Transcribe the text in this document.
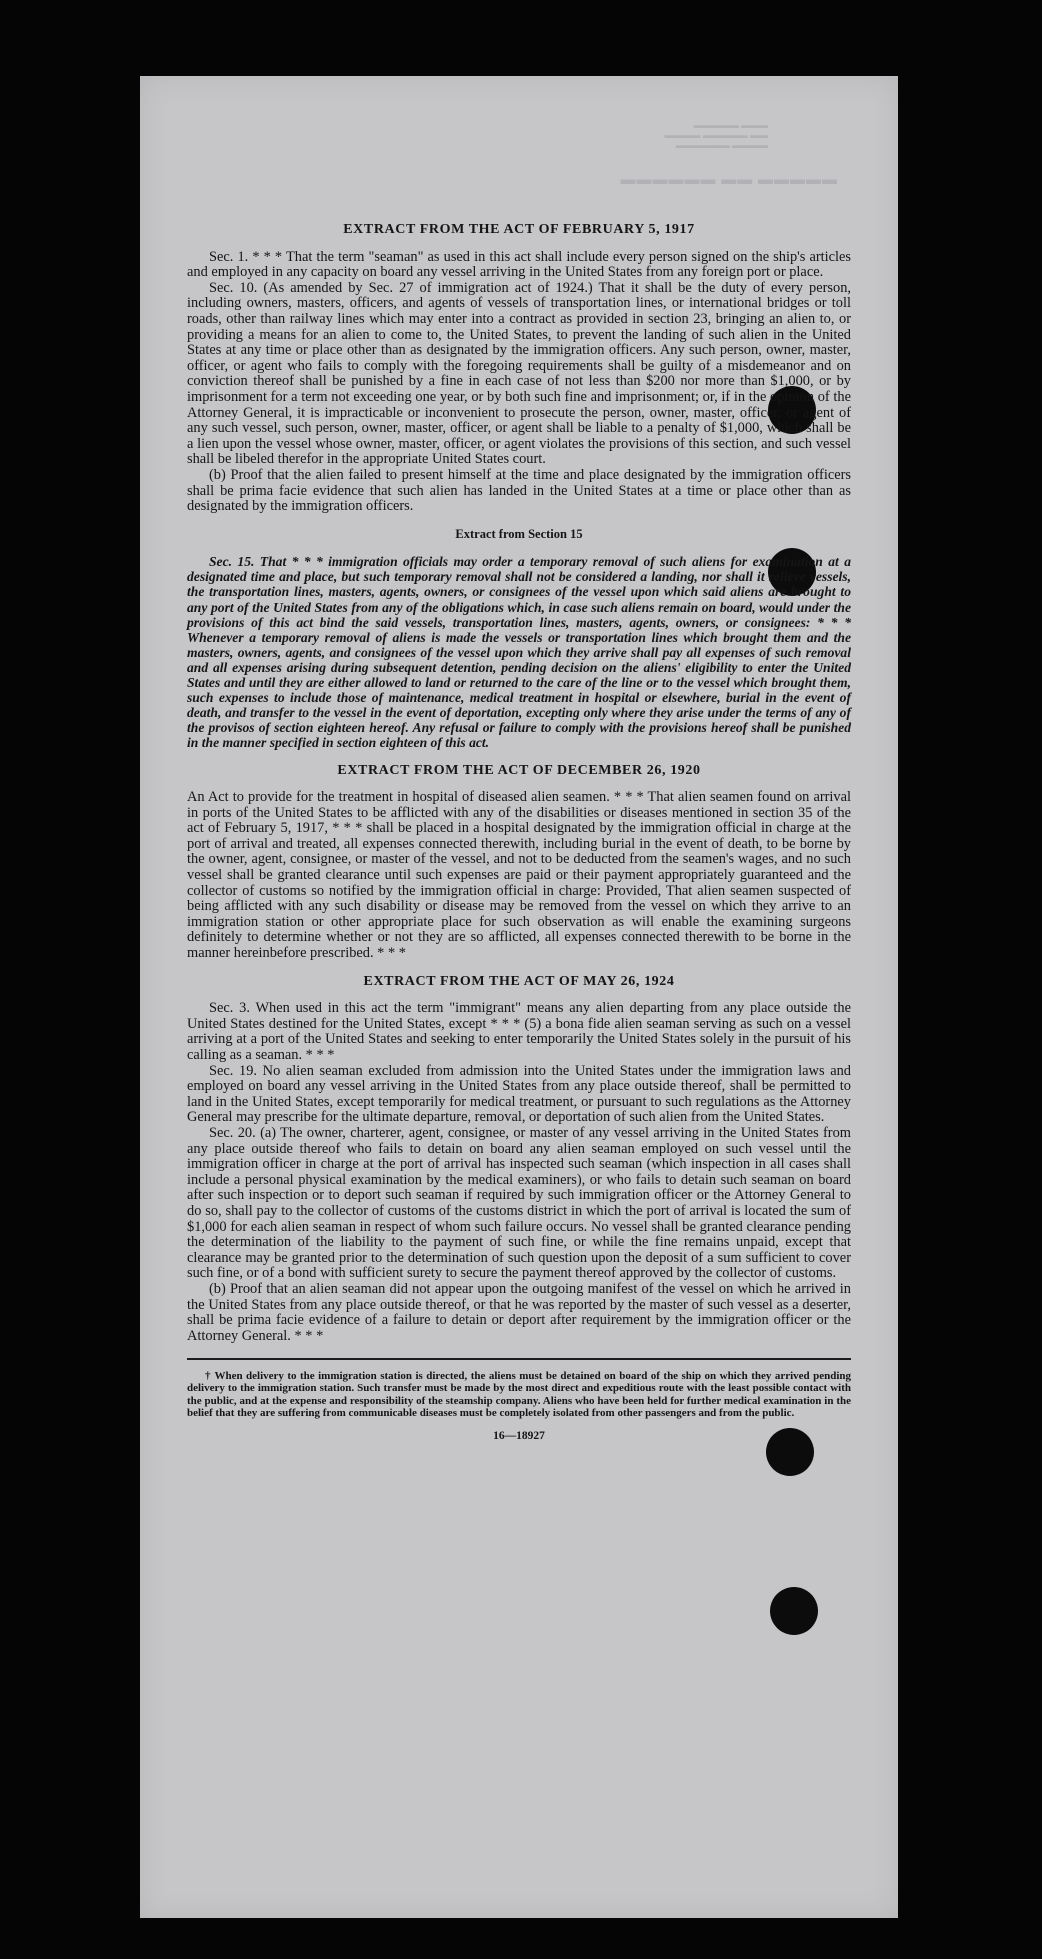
▬▬▬▬▬ ▬▬▬
▬▬▬▬ ▬▬▬▬▬ ▬▬
▬▬▬▬▬▬ ▬▬▬▬
▬▬▬▬▬▬ ▬▬ ▬▬▬▬▬
EXTRACT FROM THE ACT OF FEBRUARY 5, 1917

Sec. 1. * * * That the term "seaman" as used in this act shall include every person signed on the ship's articles and employed in any capacity on board any vessel arriving in the United States from any foreign port or place.

Sec. 10. (As amended by Sec. 27 of immigration act of 1924.) That it shall be the duty of every person, including owners, masters, officers, and agents of vessels of transportation lines, or international bridges or toll roads, other than railway lines which may enter into a contract as provided in section 23, bringing an alien to, or providing a means for an alien to come to, the United States, to prevent the landing of such alien in the United States at any time or place other than as designated by the immigration officers. Any such person, owner, master, officer, or agent who fails to comply with the foregoing requirements shall be guilty of a misdemeanor and on conviction thereof shall be punished by a fine in each case of not less than $200 nor more than $1,000, or by imprisonment for a term not exceeding one year, or by both such fine and imprisonment; or, if in the opinion of the Attorney General, it is impracticable or inconvenient to prosecute the person, owner, master, officer, or agent of any such vessel, such person, owner, master, officer, or agent shall be liable to a penalty of $1,000, which shall be a lien upon the vessel whose owner, master, officer, or agent violates the provisions of this section, and such vessel shall be libeled therefor in the appropriate United States court.

(b) Proof that the alien failed to present himself at the time and place designated by the immigration officers shall be prima facie evidence that such alien has landed in the United States at a time or place other than as designated by the immigration officers.

Extract from Section 15

Sec. 15. That * * * immigration officials may order a temporary removal of such aliens for examination at a designated time and place, but such temporary removal shall not be considered a landing, nor shall it relieve vessels, the transportation lines, masters, agents, owners, or consignees of the vessel upon which said aliens are brought to any port of the United States from any of the obligations which, in case such aliens remain on board, would under the provisions of this act bind the said vessels, transportation lines, masters, agents, owners, or consignees: * * * Whenever a temporary removal of aliens is made the vessels or transportation lines which brought them and the masters, owners, agents, and consignees of the vessel upon which they arrive shall pay all expenses of such removal and all expenses arising during subsequent detention, pending decision on the aliens' eligibility to enter the United States and until they are either allowed to land or returned to the care of the line or to the vessel which brought them, such expenses to include those of maintenance, medical treatment in hospital or elsewhere, burial in the event of death, and transfer to the vessel in the event of deportation, excepting only where they arise under the terms of any of the provisos of section eighteen hereof. Any refusal or failure to comply with the provisions hereof shall be punished in the manner specified in section eighteen of this act.

EXTRACT FROM THE ACT OF DECEMBER 26, 1920

An Act to provide for the treatment in hospital of diseased alien seamen. * * * That alien seamen found on arrival in ports of the United States to be afflicted with any of the disabilities or diseases mentioned in section 35 of the act of February 5, 1917, * * * shall be placed in a hospital designated by the immigration official in charge at the port of arrival and treated, all expenses connected therewith, including burial in the event of death, to be borne by the owner, agent, consignee, or master of the vessel, and not to be deducted from the seamen's wages, and no such vessel shall be granted clearance until such expenses are paid or their payment appropriately guaranteed and the collector of customs so notified by the immigration official in charge: Provided, That alien seamen suspected of being afflicted with any such disability or disease may be removed from the vessel on which they arrive to an immigration station or other appropriate place for such observation as will enable the examining surgeons definitely to determine whether or not they are so afflicted, all expenses connected therewith to be borne in the manner hereinbefore prescribed. * * *

EXTRACT FROM THE ACT OF MAY 26, 1924

Sec. 3. When used in this act the term "immigrant" means any alien departing from any place outside the United States destined for the United States, except * * * (5) a bona fide alien seaman serving as such on a vessel arriving at a port of the United States and seeking to enter temporarily the United States solely in the pursuit of his calling as a seaman. * * *

Sec. 19. No alien seaman excluded from admission into the United States under the immigration laws and employed on board any vessel arriving in the United States from any place outside thereof, shall be permitted to land in the United States, except temporarily for medical treatment, or pursuant to such regulations as the Attorney General may prescribe for the ultimate departure, removal, or deportation of such alien from the United States.

Sec. 20. (a) The owner, charterer, agent, consignee, or master of any vessel arriving in the United States from any place outside thereof who fails to detain on board any alien seaman employed on such vessel until the immigration officer in charge at the port of arrival has inspected such seaman (which inspection in all cases shall include a personal physical examination by the medical examiners), or who fails to detain such seaman on board after such inspection or to deport such seaman if required by such immigration officer or the Attorney General to do so, shall pay to the collector of customs of the customs district in which the port of arrival is located the sum of $1,000 for each alien seaman in respect of whom such failure occurs. No vessel shall be granted clearance pending the determination of the liability to the payment of such fine, or while the fine remains unpaid, except that clearance may be granted prior to the determination of such question upon the deposit of a sum sufficient to cover such fine, or of a bond with sufficient surety to secure the payment thereof approved by the collector of customs.

(b) Proof that an alien seaman did not appear upon the outgoing manifest of the vessel on which he arrived in the United States from any place outside thereof, or that he was reported by the master of such vessel as a deserter, shall be prima facie evidence of a failure to detain or deport after requirement by the immigration officer or the Attorney General. * * *

† When delivery to the immigration station is directed, the aliens must be detained on board of the ship on which they arrived pending delivery to the immigration station. Such transfer must be made by the most direct and expeditious route with the least possible contact with the public, and at the expense and responsibility of the steamship company. Aliens who have been held for further medical examination in the belief that they are suffering from communicable diseases must be completely isolated from other passengers and from the public.

16—18927
